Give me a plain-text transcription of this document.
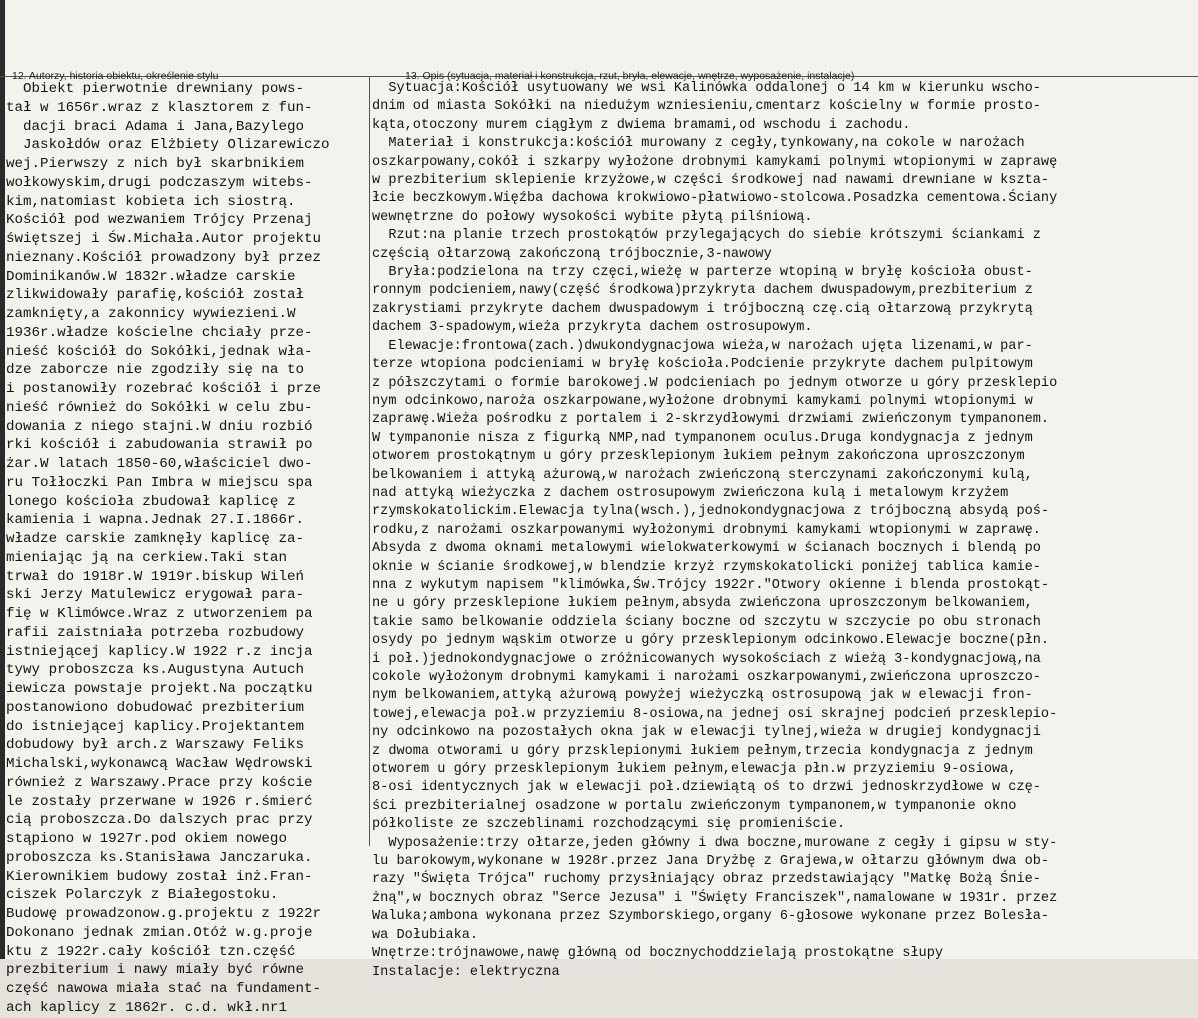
12. Autorzy, historia obiektu, określenie stylu	13. Opis (sytuacja, materiał i konstrukcja, rzut, bryła, elewacje, wnętrze, wyposażenie, instalacje)
Obiekt pierwotnie drewniany pows-
tał w 1656r.wraz z klasztorem z fun-
dacji braci Adama i Jana,Bazylego
Jaskołdów oraz Elżbiety Olizarewiczo
wej.Pierwszy z nich był skarbnikiem
wołkowyskim,drugi podczaszym witebs-
kim,natomiast kobieta ich siostrą.
Kościół pod wezwaniem Trójcy Przenaj
świętszej i Św.Michała.Autor projektu
nieznany.Kościół prowadzony był przez
Dominikanów.W 1832r.władze carskie
zlikwidowały parafię,kościół został
zamknięty,a zakonnicy wywiezieni.W
1936r.władze kościelne chciały prze-
nieść kościół do Sokółki,jednak wła-
dze zaborcze nie zgodziły się na to
i postanowiły rozebrać kościół i prze
nieść również do Sokółki w celu zbu-
dowania z niego stajni.W dniu rozbió
rki kościół i zabudowania strawił po
żar.W latach 1850-60,właściciel dwo-
ru Tołłoczki Pan Imbra w miejscu spa
lonego kościoła zbudował kaplicę z
kamienia i wapna.Jednak 27.I.1866r.
władze carskie zamknęły kaplicę za-
mieniając ją na cerkiew.Taki stan
trwał do 1918r.W 1919r.biskup Wileń
ski Jerzy Matulewicz erygował para-
fię w Klimówce.Wraz z utworzeniem pa
rafii zaistniała potrzeba rozbudowy
istniejącej kaplicy.W 1922 r.z incja
tywy proboszcza ks.Augustyna Autuch
iewicza powstaje projekt.Na początku
postanowiono dobudować prezbiterium
do istniejącej kaplicy.Projektantem
dobudowy był arch.z Warszawy Feliks
Michalski,wykonawcą Wacław Wędrowski
również z Warszawy.Prace przy koście
le zostały przerwane w 1926 r.śmierć
cią proboszcza.Do dalszych prac przy
stąpiono w 1927r.pod okiem nowego
proboszcza ks.Stanisława Janczaruka.
Kierownikiem budowy został inż.Fran-
ciszek Polarczyk z Białegostoku.
Budowę prowadzonow.g.projektu z 1922r
Dokonano jednak zmian.Otóż w.g.proje
ktu z 1922r.cały kościół tzn.część
prezbiterium i nawy miały być równe
część nawowa miała stać na fundament-
ach kaplicy z 1862r. c.d. wkł.nr1
Sytuacja:Kościół usytuowany we wsi Kalinówka oddalonej o 14 km w kierunku wscho-
dnim od miasta Sokółki na niedużym wzniesieniu,cmentarz kościelny w formie prosto-
kąta,otoczony murem ciągłym z dwiema bramami,od wschodu i zachodu.
Materiał i konstrukcja:kościół murowany z cegły,tynkowany,na cokole w narożach
oszkarpowany,cokół i szkarpy wyłożone drobnymi kamykami polnymi wtopionymi w zaprawę
w prezbiterium sklepienie krzyżowe,w części środkowej nad nawami drewniane w kszta-
łcie beczkowym.Więźba dachowa krokwiowo-płatwiowo-stolcowa.Posadzka cementowa.Ściany
wewnętrzne do połowy wysokości wybite płytą pilśniową.
Rzut:na planie trzech prostokątów przylegających do siebie krótszymi ściankami z
częścią ołtarzową zakończoną trójbocznie,3-nawowy
Bryła:podzielona na trzy częci,wieżę w parterze wtopiną w bryłę kościoła obust-
ronnym podcieniem,nawy(część środkowa)przykryta dachem dwuspadowym,prezbiterium z
zakrystiami przykryte dachem dwuspadowym i trójboczną czę.cią ołtarzową przykrytą
dachem 3-spadowym,wieża przykryta dachem ostrosupowym.
Elewacje:frontowa(zach.)dwukondygnacjowa wieża,w narożach ujęta lizenami,w par-
terze wtopiona podcieniami w bryłę kościoła.Podcienie przykryte dachem pulpitowym
z półszczytami o formie barokowej.W podcieniach po jednym otworze u góry przesklepio
nym odcinkowo,naroża oszkarpowane,wyłożone drobnymi kamykami polnymi wtopionymi w
zaprawę.Wieża pośrodku z portalem i 2-skrzydłowymi drzwiami zwieńczonym tympanonem.
W tympanonie nisza z figurką NMP,nad tympanonem oculus.Druga kondygnacja z jednym
otworem prostokątnym u góry przesklepionym łukiem pełnym zakończona uproszczonym
belkowaniem i attyką ażurową,w narożach zwieńczoną sterczynami zakończonymi kulą,
nad attyką wieżyczka z dachem ostrosupowym zwieńczona kulą i metalowym krzyżem
rzymskokatolickim.Elewacja tylna(wsch.),jednokondygnacjowa z trójboczną absydą poś-
rodku,z narożami oszkarpowanymi wyłożonymi drobnymi kamykami wtopionymi w zaprawę.
Absyda z dwoma oknami metalowymi wielokwaterkowymi w ścianach bocznych i blendą po
oknie w ścianie środkowej,w blendzie krzyż rzymskokatolicki poniżej tablica kamie-
nna z wykutym napisem "klimówka,Św.Trójcy 1922r."Otwory okienne i blenda prostokąt-
ne u góry przesklepione łukiem pełnym,absyda zwieńczona uproszczonym belkowaniem,
takie samo belkowanie oddziela ściany boczne od szczytu w szczycie po obu stronach
osydy po jednym wąskim otworze u góry przesklepionym odcinkowo.Elewacje boczne(płn.
i poł.)jednokondygnacjowe o zróżnicowanych wysokościach z wieżą 3-kondygnacjową,na
cokole wyłożonym drobnymi kamykami i narożami oszkarpowanymi,zwieńczona uproszczo-
nym belkowaniem,attyką ażurową powyżej wieżyczką ostrosupową jak w elewacji fron-
towej,elewacja poł.w przyziemiu 8-osiowa,na jednej osi skrajnej podcień przesklepio-
ny odcinkowo na pozostałych okna jak w elewacji tylnej,wieża w drugiej kondygnacji
z dwoma otworami u góry przsklepionymi łukiem pełnym,trzecia kondygnacja z jednym
otworem u góry przesklepionym łukiem pełnym,elewacja płn.w przyziemiu 9-osiowa,
8-osi identycznych jak w elewacji poł.dziewiątą oś to drzwi jednoskrzydłowe w czę-
ści prezbiterialnej osadzone w portalu zwieńczonym tympanonem,w tympanonie okno
półkoliste ze szczeblinami rozchodzącymi się promieniście.
Wyposażenie:trzy ołtarze,jeden główny i dwa boczne,murowane z cegły i gipsu w sty-
lu barokowym,wykonane w 1928r.przez Jana Dryżbę z Grajewa,w ołtarzu głównym dwa ob-
razy "Święta Trójca" ruchomy przysłniający obraz przedstawiający "Matkę Bożą Śnie-
żną",w bocznych obraz "Serce Jezusa" i "Święty Franciszek",namalowane w 1931r. przez
Waluka;ambona wykonana przez Szymborskiego,organy 6-głosowe wykonane przez Bolesła-
wa Dołubiaka.
Wnętrze:trójnawowe,nawę główną od bocznychoddzielają prostokątne słupy
Instalacje: elektryczna
